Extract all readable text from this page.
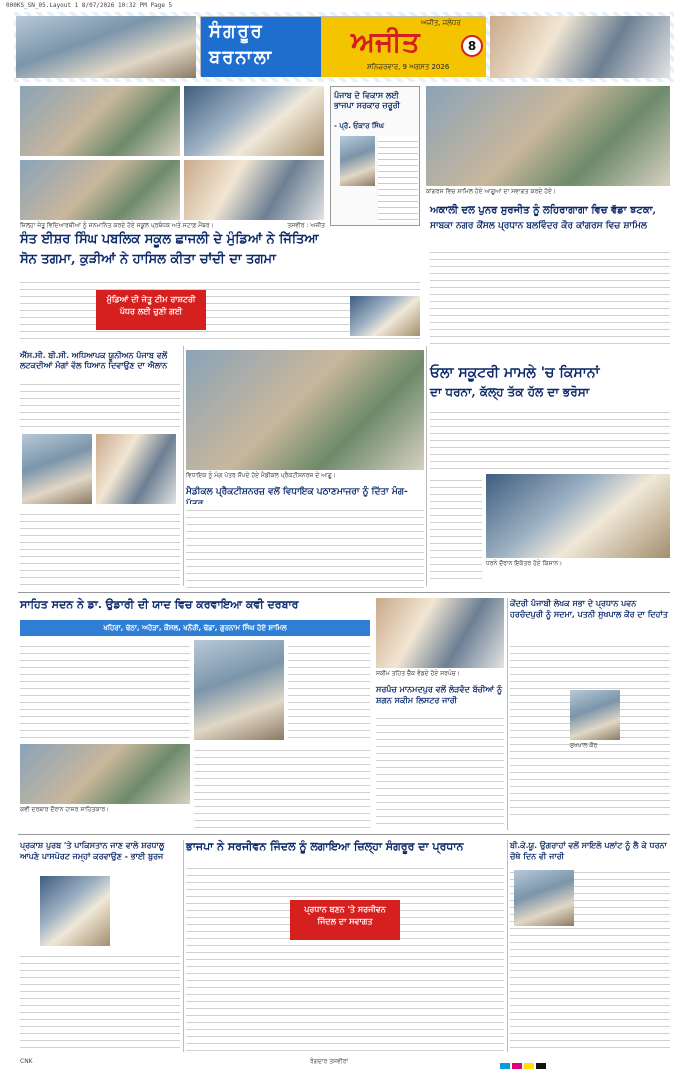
000KS_SN_05.Layout 1 8/07/2026 10:32 PM Page 5
ਸੰਗਰੂਰ
ਬਰਨਾਲਾ
ਅਜੀਤ, ਜਲੰਧਰ
ਅਜੀਤ
ਸ਼ਨਿਚਰਵਾਰ, 9 ਅਗਸਤ 2026
8
ਜ਼ਿਲ੍ਹਾ ਜੇਤੂ ਵਿਦਿਆਰਥੀਆਂ ਨੂੰ ਸਨਮਾਨਿਤ ਕਰਦੇ ਹੋਏ ਸਕੂਲ ਪ੍ਰਬੰਧਕ ਅਤੇ ਸਟਾਫ਼ ਮੈਂਬਰ।	ਤਸਵੀਰ : ਅਜੀਤ
ਪੰਜਾਬ ਦੇ ਵਿਕਾਸ ਲਈ ਭਾਜਪਾ ਸਰਕਾਰ ਜ਼ਰੂਰੀ
- ਪ੍ਰੋ. ਓਂਕਾਰ ਸਿੰਘ
ਕਾਂਗਰਸ ਵਿਚ ਸ਼ਾਮਿਲ ਹੋਏ ਆਗੂਆਂ ਦਾ ਸਵਾਗਤ ਕਰਦੇ ਹੋਏ।
ਸੰਤ ਈਸ਼ਰ ਸਿੰਘ ਪਬਲਿਕ ਸਕੂਲ ਛਾਜਲੀ ਦੇ ਮੁੰਡਿਆਂ ਨੇ ਜਿੱਤਿਆ
ਸੋਨ ਤਗਮਾ, ਕੁੜੀਆਂ ਨੇ ਹਾਸਿਲ ਕੀਤਾ ਚਾਂਦੀ ਦਾ ਤਗਮਾ
ਅਕਾਲੀ ਦਲ ਪੁਨਰ ਸੁਰਜੀਤ ਨੂੰ ਲਹਿਰਾਗਾਗਾ ਵਿਚ ਵੱਡਾ ਝਟਕਾ,
ਸਾਬਕਾ ਨਗਰ ਕੌਂਸਲ ਪ੍ਰਧਾਨ ਬਲਵਿੰਦਰ ਕੌਰ ਕਾਂਗਰਸ ਵਿਚ ਸ਼ਾਮਿਲ
ਮੁੰਡਿਆਂ ਦੀ ਜੇਤੂ ਟੀਮ ਰਾਸ਼ਟਰੀ ਪੱਧਰ ਲਈ ਚੁਣੀ ਗਈ
ਐੱਸ.ਸੀ. ਬੀ.ਸੀ. ਅਧਿਆਪਕ ਯੂਨੀਅਨ ਪੰਜਾਬ ਵਲੋਂ ਲਟਕਦੀਆਂ ਮੰਗਾਂ ਵੱਲ ਧਿਆਨ ਦਿਵਾਉਣ ਦਾ ਐਲਾਨ
ਵਿਧਾਇਕ ਨੂੰ ਮੰਗ ਪੱਤਰ ਸੌਂਪਦੇ ਹੋਏ ਮੈਡੀਕਲ ਪ੍ਰੈਕਟੀਸ਼ਨਰਜ਼ ਦੇ ਆਗੂ।
ਮੈਡੀਕਲ ਪ੍ਰੈਕਟੀਸ਼ਨਰਜ਼ ਵਲੋਂ ਵਿਧਾਇਕ ਪਠਾਣਮਾਜਰਾ ਨੂੰ ਦਿੱਤਾ ਮੰਗ-
ਓਲਾ ਸਕੂਟਰੀ ਮਾਮਲੇ 'ਚ ਕਿਸਾਨਾਂ
ਦਾ ਧਰਨਾ, ਕੱਲ੍ਹ ਤੱਕ ਹੱਲ ਦਾ ਭਰੋਸਾ
ਧਰਨੇ ਦੌਰਾਨ ਇਕੱਤਰ ਹੋਏ ਕਿਸਾਨ।
ਸਾਹਿਤ ਸਦਨ ਨੇ ਡਾ. ਉਡਾਰੀ ਦੀ ਯਾਦ ਵਿਚ ਕਰਵਾਇਆ ਕਵੀ ਦਰਬਾਰ
ਖਹਿਰਾ, ਢੱਠਾ, ਅਹੋੜਾ, ਕੌਂਸਲ, ਖਨੌਰੀ, ਢੱਡਾ, ਗੁਰਨਾਮ ਸਿੰਘ ਹੋਏ ਸ਼ਾਮਿਲ
ਕਵੀ ਦਰਬਾਰ ਦੌਰਾਨ ਹਾਜ਼ਰ ਸਾਹਿਤਕਾਰ।
ਸਕੀਮ ਤਹਿਤ ਚੈੱਕ ਵੰਡਦੇ ਹੋਏ ਸਰਪੰਚ।
ਸਰਪੰਚ ਮਾਨਮਦਪੁਰ ਵਲੋਂ ਲੋੜਵੰਦ ਬੱਚੀਆਂ ਨੂੰ ਸ਼ਗਨ ਸਕੀਮ ਲਿਸਟਰ ਜਾਰੀ
ਕੇਂਦਰੀ ਪੰਜਾਬੀ ਲੇਖਕ ਸਭਾ ਦੇ ਪ੍ਰਧਾਨ ਪਵਨ ਹਰਚੰਦਪੁਰੀ ਨੂੰ ਸਦਮਾ, ਪਤਨੀ ਸੁਖਪਾਲ ਕੌਰ ਦਾ ਦਿਹਾਂਤ
ਸੁਖਪਾਲ ਕੌਰ
ਪ੍ਰਕਾਸ਼ ਪੁਰਬ 'ਤੇ ਪਾਕਿਸਤਾਨ ਜਾਣ ਵਾਲੇ ਸ਼ਰਧਾਲੂ ਆਪਣੇ ਪਾਸਪੋਰਟ ਜਮ੍ਹਾਂ ਕਰਵਾਉਣ - ਭਾਈ ਬੁਰਜ
ਭਾਜਪਾ ਨੇ ਸਰਜੀਵਨ ਜਿੰਦਲ ਨੂੰ ਲਗਾਇਆ ਜ਼ਿਲ੍ਹਾ ਸੰਗਰੂਰ ਦਾ ਪ੍ਰਧਾਨ
ਪ੍ਰਧਾਨ ਬਣਨ 'ਤੇ ਸਰਜੀਵਨ ਜਿੰਦਲ ਦਾ ਸਵਾਗਤ
ਬੀ.ਕੇ.ਯੂ. ਉਗਰਾਹਾਂ ਵਲੋਂ ਸਾਇਲੋ ਪਲਾਂਟ ਨੂੰ ਲੈ ਕੇ ਧਰਨਾ ਚੌਥੇ ਦਿਨ ਵੀ ਜਾਰੀ
CNK	ਰੰਗਦਾਰ ਤਸਵੀਰਾਂ
